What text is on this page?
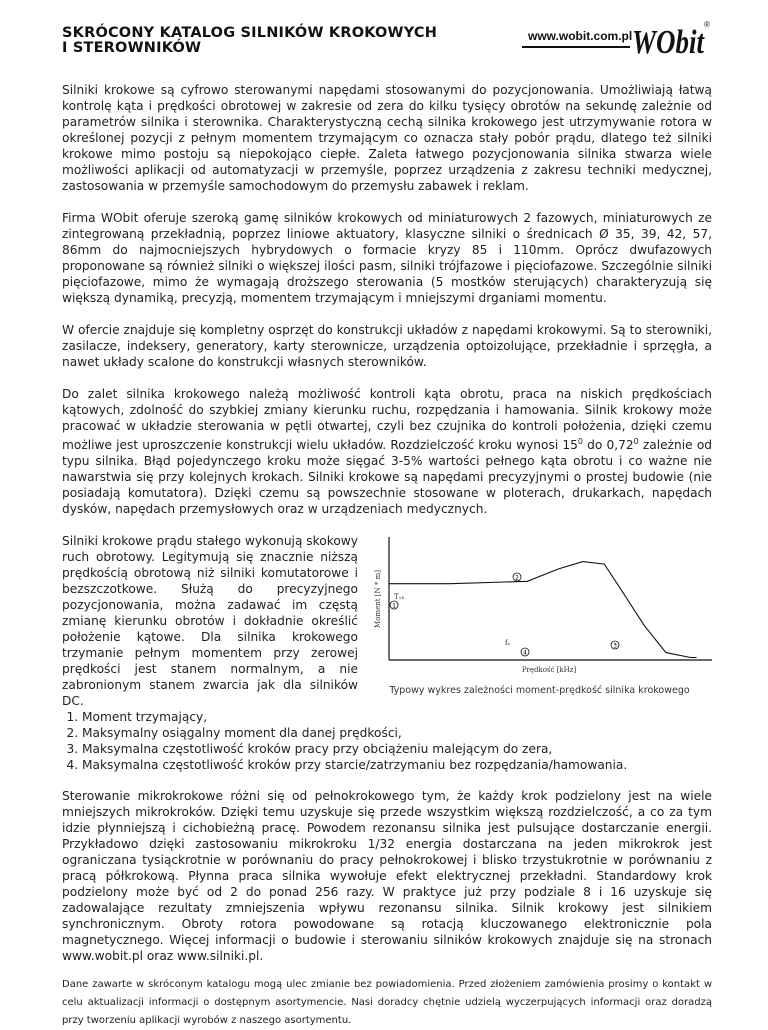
SKRÓCONY KATALOG SILNIKÓW KROKOWYCH
I STEROWNIKÓW
www.wobit.com.pl WObit
®

Silniki krokowe są cyfrowo sterowanymi napędami stosowanymi do pozycjonowania. Umożliwiają łatwą kontrolę kąta i prędkości obrotowej w zakresie od zera do kilku tysięcy obrotów na sekundę zależnie od parametrów silnika i sterownika. Charakterystyczną cechą silnika krokowego jest utrzymywanie rotora w określonej pozycji z pełnym momentem trzymającym co oznacza stały pobór prądu, dlatego też silniki krokowe mimo postoju są niepokojąco ciepłe. Zaleta łatwego pozycjonowania silnika stwarza wiele możliwości aplikacji od automatyzacji w przemyśle, poprzez urządzenia z zakresu techniki medycznej, zastosowania w przemyśle samochodowym do przemysłu zabawek i reklam.

Firma WObit oferuje szeroką gamę silników krokowych od miniaturowych 2 fazowych, miniaturowych ze zintegrowaną przekładnią, poprzez liniowe aktuatory, klasyczne silniki o średnicach Ø 35, 39, 42, 57, 86mm do najmocniejszych hybrydowych o formacie kryzy 85 i 110mm. Oprócz dwufazowych proponowane są również silniki o większej ilości pasm, silniki trójfazowe i pięciofazowe. Szczególnie silniki pięciofazowe, mimo że wymagają droższego sterowania (5 mostków sterujących) charakteryzują się większą dynamiką, precyzją, momentem trzymającym i mniejszymi drganiami momentu.

W ofercie znajduje się kompletny osprzęt do konstrukcji układów z napędami krokowymi. Są to sterowniki, zasilacze, indeksery, generatory, karty sterownicze, urządzenia optoizolujące, przekładnie i sprzęgła, a nawet układy scalone do konstrukcji własnych sterowników.

Do zalet silnika krokowego należą możliwość kontroli kąta obrotu, praca na niskich prędkościach kątowych, zdolność do szybkiej zmiany kierunku ruchu, rozpędzania i hamowania. Silnik krokowy może pracować w układzie sterowania w pętli otwartej, czyli bez czujnika do kontroli położenia, dzięki czemu możliwe jest uproszczenie konstrukcji wielu układów. Rozdzielczość kroku wynosi $15^0$ do 0,72$^0$ zależnie od typu silnika. Błąd pojedynczego kroku może sięgać 3-5% wartości pełnego kąta obrotu i co ważne nie nawarstwia się przy kolejnych krokach. Silniki krokowe są napędami precyzyjnymi o prostej budowie (nie posiadają komutatora). Dzięki czemu są powszechnie stosowane w ploterach, drukarkach, napędach dysków, napędach przemysłowych oraz w urządzeniach medycznych.

Silniki krokowe prądu stałego wykonują skokowy ruch obrotowy. Legitymują się znacznie niższą prędkością obrotową niż silniki komutatorowe i bezszczotkowe. Służą do precyzyjnego pozycjonowania, można zadawać im częstą zmianę kierunku obrotów i dokładnie określić położenie kątowe. Dla silnika krokowego trzymanie pełnym momentem przy zerowej prędkości jest stanem normalnym, a nie zabronionym stanem zwarcia jak dla silników DC.
Moment [N * m]
Prędkość [kHz]
T₁ₕ
1
2
3
fₛ
4
Typowy wykres zależności moment-prędkość silnika krokowego
1. Moment trzymający,
2. Maksymalny osiągalny moment dla danej prędkości,
3. Maksymalna częstotliwość kroków pracy przy obciążeniu malejącym do zera,
4. Maksymalna częstotliwość kroków przy starcie/zatrzymaniu bez rozpędzania/hamowania.

Sterowanie mikrokrokowe różni się od pełnokrokowego tym, że każdy krok podzielony jest na wiele mniejszych mikrokroków. Dzięki temu uzyskuje się przede wszystkim większą rozdzielczość, a co za tym idzie płynniejszą i cichobieżną pracę. Powodem rezonansu silnika jest pulsujące dostarczanie energii. Przykładowo dzięki zastosowaniu mikrokroku 1/32 energia dostarczana na jeden mikrokrok jest ograniczana tysiąckrotnie w porównaniu do pracy pełnokrokowej i blisko trzystukrotnie w porównaniu z pracą półkrokową. Płynna praca silnika wywołuje efekt elektrycznej przekładni. Standardowy krok podzielony może być od 2 do ponad 256 razy. W praktyce już przy podziale 8 i 16 uzyskuje się zadowalające rezultaty zmniejszenia wpływu rezonansu silnika. Silnik krokowy jest silnikiem synchronicznym. Obroty rotora powodowane są rotacją kluczowanego elektronicznie pola magnetycznego. Więcej informacji o budowie i sterowaniu silników krokowych znajduje się na stronach www.wobit.pl oraz www.silniki.pl.

Dane zawarte w skróconym katalogu mogą ulec zmianie bez powiadomienia. Przed złożeniem zamówienia prosimy o kontakt w celu aktualizacji informacji o dostępnym asortymencie. Nasi doradcy chętnie udzielą wyczerpujących informacji oraz doradzą przy tworzeniu aplikacji wyrobów z naszego asortymentu.
